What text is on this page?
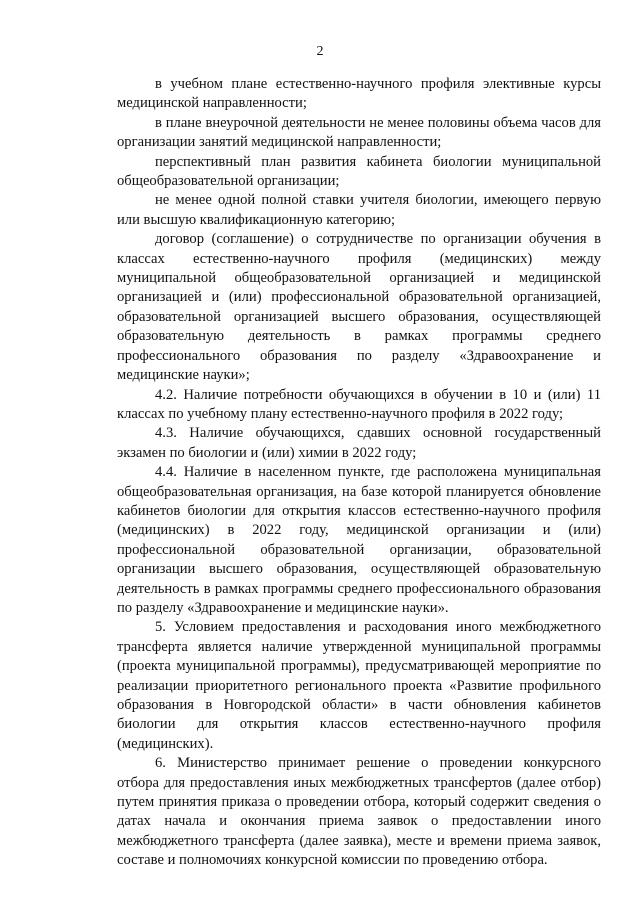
2

в учебном плане естественно-научного профиля элективные курсы медицинской направленности;

в плане внеурочной деятельности не менее половины объема часов для организации занятий медицинской направленности;

перспективный план развития кабинета биологии муниципальной общеобразовательной организации;

не менее одной полной ставки учителя биологии, имеющего первую или высшую квалификационную категорию;

договор (соглашение) о сотрудничестве по организации обучения в классах естественно-научного профиля (медицинских) между муниципальной общеобразовательной организацией и медицинской организацией и (или) профессиональной образовательной организацией, образовательной организацией высшего образования, осуществляющей образовательную деятельность в рамках программы среднего профессионального образования по разделу «Здравоохранение и медицинские науки»;

4.2. Наличие потребности обучающихся в обучении в 10 и (или) 11 классах по учебному плану естественно-научного профиля в 2022 году;

4.3. Наличие обучающихся, сдавших основной государственный экзамен по биологии и (или) химии в 2022 году;

4.4. Наличие в населенном пункте, где расположена муниципальная общеобразовательная организация, на базе которой планируется обновление кабинетов биологии для открытия классов естественно-научного профиля (медицинских) в 2022 году, медицинской организации и (или) профессиональной образовательной организации, образовательной организации высшего образования, осуществляющей образовательную деятельность в рамках программы среднего профессионального образования по разделу «Здравоохранение и медицинские науки».

5. Условием предоставления и расходования иного межбюджетного трансферта является наличие утвержденной муниципальной программы (проекта муниципальной программы), предусматривающей мероприятие по реализации приоритетного регионального проекта «Развитие профильного образования в Новгородской области» в части обновления кабинетов биологии для открытия классов естественно-научного профиля (медицинских).

6. Министерство принимает решение о проведении конкурсного отбора для предоставления иных межбюджетных трансфертов (далее отбор) путем принятия приказа о проведении отбора, который содержит сведения о датах начала и окончания приема заявок о предоставлении иного межбюджетного трансферта (далее заявка), месте и времени приема заявок, составе и полномочиях конкурсной комиссии по проведению отбора.
